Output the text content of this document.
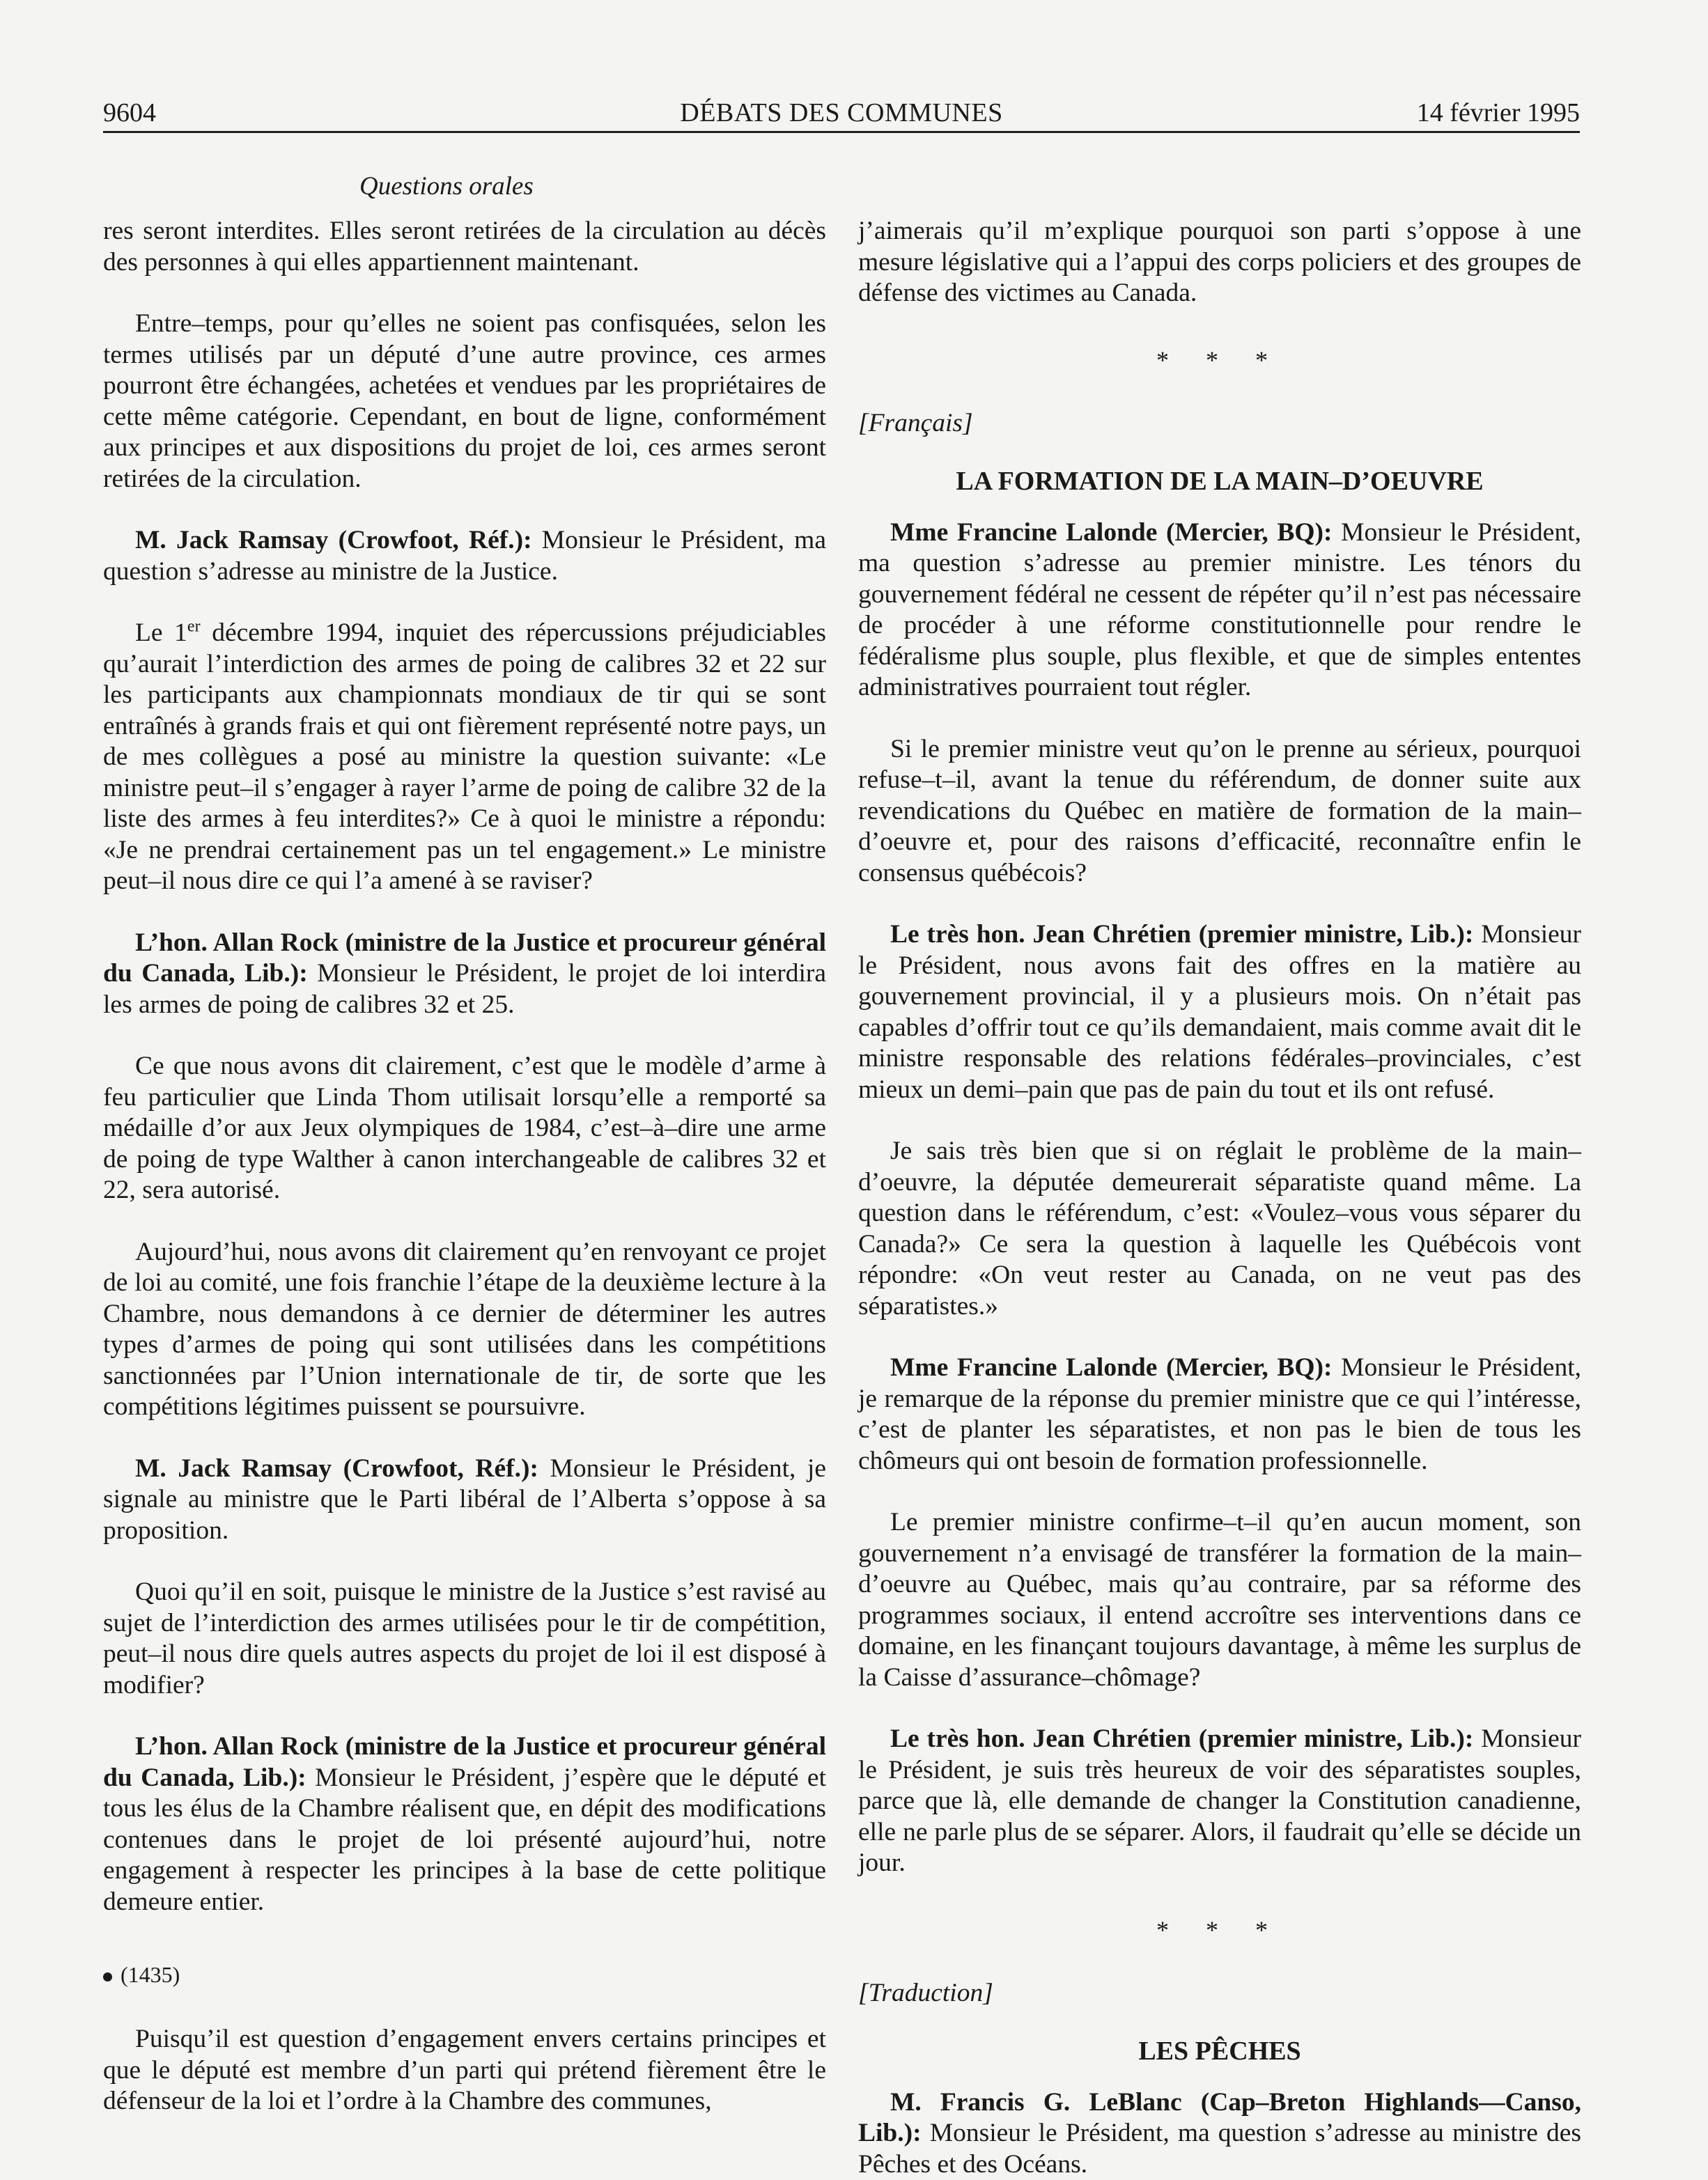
9604	DÉBATS DES COMMUNES	14 février 1995
Questions orales

res seront interdites. Elles seront retirées de la circulation au décès des personnes à qui elles appartiennent maintenant.

Entre–temps, pour qu’elles ne soient pas confisquées, selon les termes utilisés par un député d’une autre province, ces armes pourront être échangées, achetées et vendues par les propriétaires de cette même catégorie. Cependant, en bout de ligne, conformément aux principes et aux dispositions du projet de loi, ces armes seront retirées de la circulation.

M. Jack Ramsay (Crowfoot, Réf.): Monsieur le Président, ma question s’adresse au ministre de la Justice.

Le 1er décembre 1994, inquiet des répercussions préjudiciables qu’aurait l’interdiction des armes de poing de calibres 32 et 22 sur les participants aux championnats mondiaux de tir qui se sont entraînés à grands frais et qui ont fièrement représenté notre pays, un de mes collègues a posé au ministre la question suivante: «Le ministre peut–il s’engager à rayer l’arme de poing de calibre 32 de la liste des armes à feu interdites?» Ce à quoi le ministre a répondu: «Je ne prendrai certainement pas un tel engagement.» Le ministre peut–il nous dire ce qui l’a amené à se raviser?

L’hon. Allan Rock (ministre de la Justice et procureur général du Canada, Lib.): Monsieur le Président, le projet de loi interdira les armes de poing de calibres 32 et 25.

Ce que nous avons dit clairement, c’est que le modèle d’arme à feu particulier que Linda Thom utilisait lorsqu’elle a remporté sa médaille d’or aux Jeux olympiques de 1984, c’est–à–dire une arme de poing de type Walther à canon interchangeable de calibres 32 et 22, sera autorisé.

Aujourd’hui, nous avons dit clairement qu’en renvoyant ce projet de loi au comité, une fois franchie l’étape de la deuxième lecture à la Chambre, nous demandons à ce dernier de déterminer les autres types d’armes de poing qui sont utilisées dans les compétitions sanctionnées par l’Union internationale de tir, de sorte que les compétitions légitimes puissent se poursuivre.

M. Jack Ramsay (Crowfoot, Réf.): Monsieur le Président, je signale au ministre que le Parti libéral de l’Alberta s’oppose à sa proposition.

Quoi qu’il en soit, puisque le ministre de la Justice s’est ravisé au sujet de l’interdiction des armes utilisées pour le tir de compétition, peut–il nous dire quels autres aspects du projet de loi il est disposé à modifier?

L’hon. Allan Rock (ministre de la Justice et procureur général du Canada, Lib.): Monsieur le Président, j’espère que le député et tous les élus de la Chambre réalisent que, en dépit des modifications contenues dans le projet de loi présenté aujourd’hui, notre engagement à respecter les principes à la base de cette politique demeure entier.

(1435)

Puisqu’il est question d’engagement envers certains principes et que le député est membre d’un parti qui prétend fièrement être le défenseur de la loi et l’ordre à la Chambre des communes,

j’aimerais qu’il m’explique pourquoi son parti s’oppose à une mesure législative qui a l’appui des corps policiers et des groupes de défense des victimes au Canada.

* * *
[Français]
LA FORMATION DE LA MAIN–D’OEUVRE

Mme Francine Lalonde (Mercier, BQ): Monsieur le Président, ma question s’adresse au premier ministre. Les ténors du gouvernement fédéral ne cessent de répéter qu’il n’est pas nécessaire de procéder à une réforme constitutionnelle pour rendre le fédéralisme plus souple, plus flexible, et que de simples ententes administratives pourraient tout régler.

Si le premier ministre veut qu’on le prenne au sérieux, pourquoi refuse–t–il, avant la tenue du référendum, de donner suite aux revendications du Québec en matière de formation de la main–d’oeuvre et, pour des raisons d’efficacité, reconnaître enfin le consensus québécois?

Le très hon. Jean Chrétien (premier ministre, Lib.): Monsieur le Président, nous avons fait des offres en la matière au gouvernement provincial, il y a plusieurs mois. On n’était pas capables d’offrir tout ce qu’ils demandaient, mais comme avait dit le ministre responsable des relations fédérales–provinciales, c’est mieux un demi–pain que pas de pain du tout et ils ont refusé.

Je sais très bien que si on réglait le problème de la main–d’oeuvre, la députée demeurerait séparatiste quand même. La question dans le référendum, c’est: «Voulez–vous vous séparer du Canada?» Ce sera la question à laquelle les Québécois vont répondre: «On veut rester au Canada, on ne veut pas des séparatistes.»

Mme Francine Lalonde (Mercier, BQ): Monsieur le Président, je remarque de la réponse du premier ministre que ce qui l’intéresse, c’est de planter les séparatistes, et non pas le bien de tous les chômeurs qui ont besoin de formation professionnelle.

Le premier ministre confirme–t–il qu’en aucun moment, son gouvernement n’a envisagé de transférer la formation de la main–d’oeuvre au Québec, mais qu’au contraire, par sa réforme des programmes sociaux, il entend accroître ses interventions dans ce domaine, en les finançant toujours davantage, à même les surplus de la Caisse d’assurance–chômage?

Le très hon. Jean Chrétien (premier ministre, Lib.): Monsieur le Président, je suis très heureux de voir des séparatistes souples, parce que là, elle demande de changer la Constitution canadienne, elle ne parle plus de se séparer. Alors, il faudrait qu’elle se décide un jour.

* * *
[Traduction]
LES PÊCHES

M. Francis G. LeBlanc (Cap–Breton Highlands—Canso, Lib.): Monsieur le Président, ma question s’adresse au ministre des Pêches et des Océans.
